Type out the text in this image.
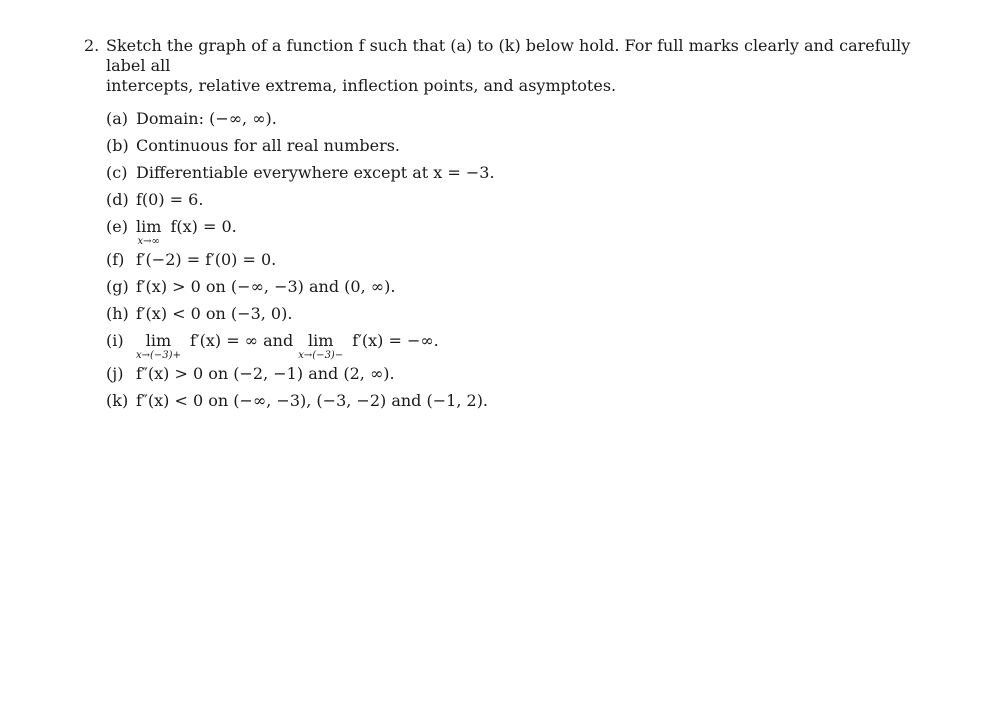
2. Sketch the graph of a function f such that (a) to (k) below hold. For full marks clearly and carefully label all
intercepts, relative extrema, inflection points, and asymptotes.
(a) Domain: (−∞, ∞).
(b) Continuous for all real numbers.
(c) Differentiable everywhere except at x = −3.
(d) f(0) = 6.
(e) lim
x→∞
f(x) = 0.
(f) f′(−2) = f′(0) = 0.
(g) f′(x) > 0 on (−∞, −3) and (0, ∞).
(h) f′(x) < 0 on (−3, 0).
(i)	lim
x→(−3)+
f′(x) = ∞ and lim
x→(−3)−
f′(x) = −∞.
(j) f″(x) > 0 on (−2, −1) and (2, ∞).
(k) f″(x) < 0 on (−∞, −3), (−3, −2) and (−1, 2).
